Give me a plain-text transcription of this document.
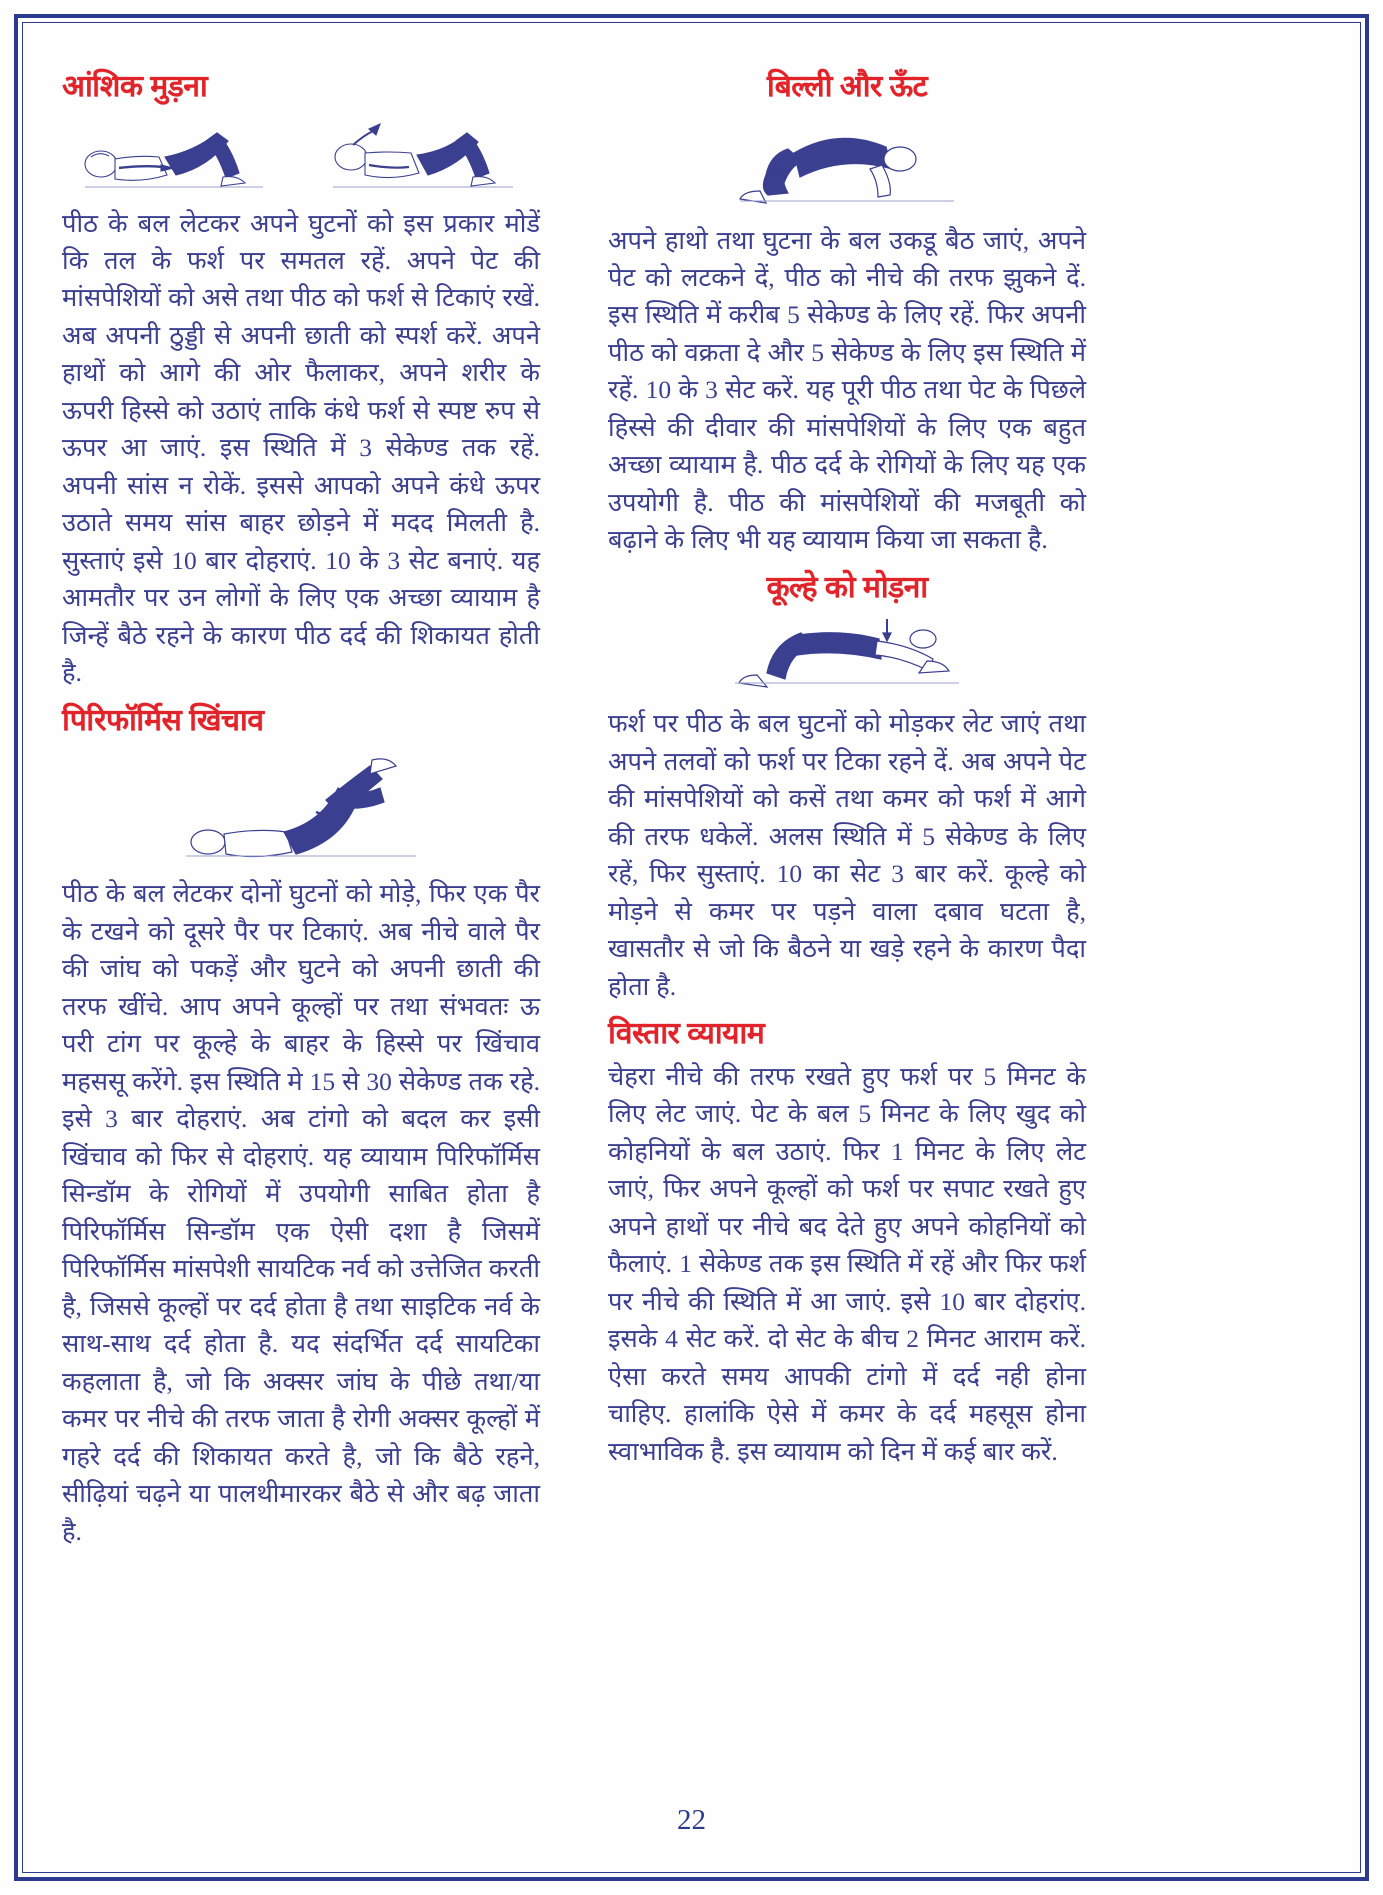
आंशिक मुड़ना

पीठ के बल लेटकर अपने घुटनों को इस प्रकार मोडें कि तल के फर्श पर समतल रहें. अपने पेट की मांसपेशियों को असे तथा पीठ को फर्श से टिकाएं रखें. अब अपनी ठुड्डी से अपनी छाती को स्पर्श करें. अपने हाथों को आगे की ओर फैलाकर, अपने शरीर के ऊपरी हिस्से को उठाएं ताकि कंधे फर्श से स्पष्ट रुप से ऊपर आ जाएं. इस स्थिति में 3 सेकेण्ड तक रहें. अपनी सांस न रोकें. इससे आपको अपने कंधे ऊपर उठाते समय सांस बाहर छोड़ने में मदद मिलती है. सुस्ताएं इसे 10 बार दोहराएं. 10 के 3 सेट बनाएं. यह आमतौर पर उन लोगों के लिए एक अच्छा व्यायाम है जिन्हें बैठे रहने के कारण पीठ दर्द की शिकायत होती है.

पिरिफॉर्मिस खिंचाव

पीठ के बल लेटकर दोनों घुटनों को मोड़े, फिर एक पैर के टखने को दूसरे पैर पर टिकाएं. अब नीचे वाले पैर की जांघ को पकड़ें और घुटने को अपनी छाती की तरफ खींचे. आप अपने कूल्हों पर तथा संभवतः ऊ परी टांग पर कूल्हे के बाहर के हिस्से पर खिंचाव महससू करेंगे. इस स्थिति मे 15 से 30 सेकेण्ड तक रहे. इसे 3 बार दोहराएं. अब टांगो को बदल कर इसी खिंचाव को फिर से दोहराएं. यह व्यायाम पिरिफॉर्मिस सिन्डॉम के रोगियों में उपयोगी साबित होता है पिरिफॉर्मिस सिन्डॉम एक ऐसी दशा है जिसमें पिरिफॉर्मिस मांसपेशी सायटिक नर्व को उत्तेजित करती है, जिससे कूल्हों पर दर्द होता है तथा साइटिक नर्व के साथ-साथ दर्द होता है. यद संदर्भित दर्द सायटिका कहलाता है, जो कि अक्सर जांघ के पीछे तथा/या कमर पर नीचे की तरफ जाता है रोगी अक्सर कूल्हों में गहरे दर्द की शिकायत करते है, जो कि बैठे रहने, सीढ़ियां चढ़ने या पालथीमारकर बैठे से और बढ़ जाता है.

बिल्ली और ऊँट

अपने हाथो तथा घुटना के बल उकडू बैठ जाएं, अपने पेट को लटकने दें, पीठ को नीचे की तरफ झुकने दें. इस स्थिति में करीब 5 सेकेण्ड के लिए रहें. फिर अपनी पीठ को वक्रता दे और 5 सेकेण्ड के लिए इस स्थिति में रहें. 10 के 3 सेट करें. यह पूरी पीठ तथा पेट के पिछले हिस्से की दीवार की मांसपेशियों के लिए एक बहुत अच्छा व्यायाम है. पीठ दर्द के रोगियों के लिए यह एक उपयोगी है. पीठ की मांसपेशियों की मजबूती को बढ़ाने के लिए भी यह व्यायाम किया जा सकता है.

कूल्हे को मोड़ना

फर्श पर पीठ के बल घुटनों को मोड़कर लेट जाएं तथा अपने तलवों को फर्श पर टिका रहने दें. अब अपने पेट की मांसपेशियों को कसें तथा कमर को फर्श में आगे की तरफ धकेलें. अलस स्थिति में 5 सेकेण्ड के लिए रहें, फिर सुस्ताएं. 10 का सेट 3 बार करें. कूल्हे को मोड़ने से कमर पर पड़ने वाला दबाव घटता है, खासतौर से जो कि बैठने या खड़े रहने के कारण पैदा होता है.

विस्तार व्यायाम

चेहरा नीचे की तरफ रखते हुए फर्श पर 5 मिनट के लिए लेट जाएं. पेट के बल 5 मिनट के लिए खुद को कोहनियों के बल उठाएं. फिर 1 मिनट के लिए लेट जाएं, फिर अपने कूल्हों को फर्श पर सपाट रखते हुए अपने हाथों पर नीचे बद देते हुए अपने कोहनियों को फैलाएं. 1 सेकेण्ड तक इस स्थिति में रहें और फिर फर्श पर नीचे की स्थिति में आ जाएं. इसे 10 बार दोहरांए. इसके 4 सेट करें. दो सेट के बीच 2 मिनट आराम करें. ऐसा करते समय आपकी टांगो में दर्द नही होना चाहिए. हालांकि ऐसे में कमर के दर्द महसूस होना स्वाभाविक है. इस व्यायाम को दिन में कई बार करें.

22
